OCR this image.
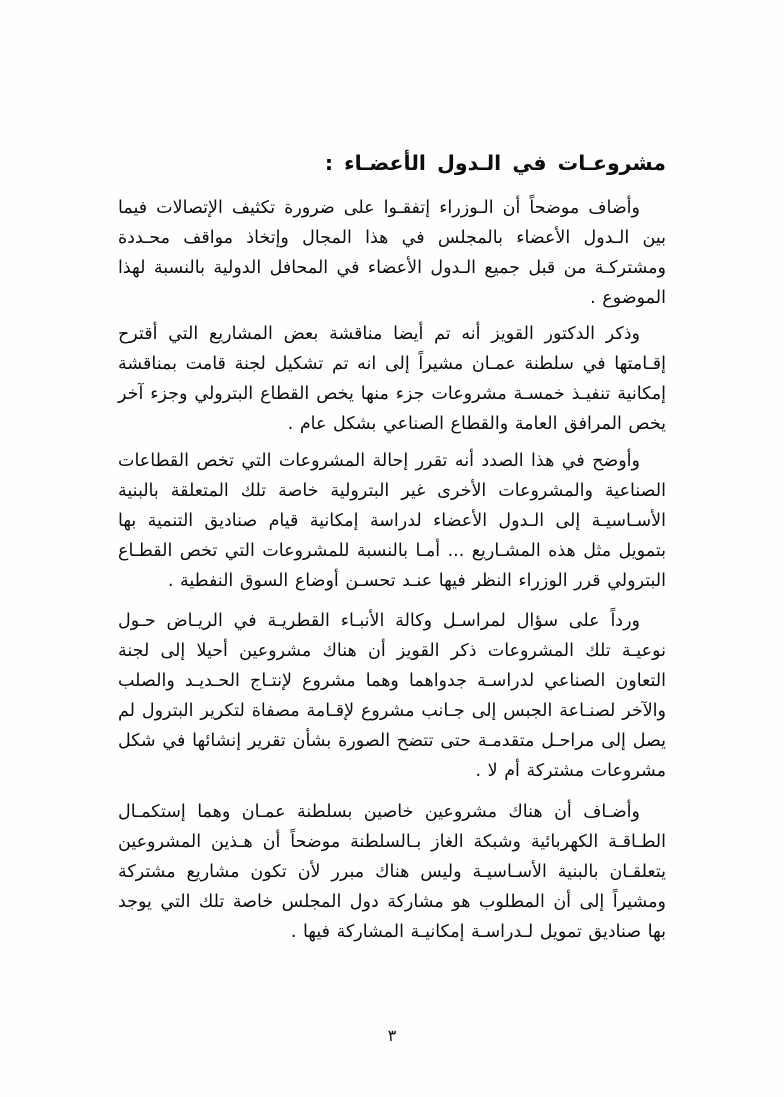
مشروعـات في الـدول الأعضـاء :

وأضاف موضحاً أن الـوزراء إتفقـوا على ضرورة تكثيف الإتصالات فيما بين الـدول الأعضاء بالمجلس في هذا المجال وإتخاذ مواقف محـددة ومشتركـة من قبل جميع الـدول الأعضاء في المحافل الدولية بالنسبة لهذا الموضوع .

وذكر الدكتور القويز أنه تم أيضا مناقشة بعض المشاريع التي أقترح إقـامتها في سلطنة عمـان مشيراً إلى انه تم تشكيل لجنة قامت بمناقشة إمكانية تنفيـذ خمسـة مشروعات جزء منها يخص القطاع البترولي وجزء آخر يخص المرافق العامة والقطاع الصناعي بشكل عام .

وأوضح في هذا الصدد أنه تقرر إحالة المشروعات التي تخص القطاعات الصناعية والمشروعات الأخرى غير البترولية خاصة تلك المتعلقة بالبنية الأسـاسيـة إلى الـدول الأعضاء لدراسة إمكانية قيام صناديق التنمية بها بتمويل مثل هذه المشـاريع ... أمـا بالنسبة للمشروعات التي تخص القطـاع البترولي قرر الوزراء النظر فيها عنـد تحسـن أوضاع السوق النفطية .

ورداً على سؤال لمراسـل وكالة الأنبـاء القطريـة في الريـاض حـول نوعيـة تلك المشروعات ذكر القويز أن هناك مشروعين أحيلا إلى لجنة التعاون الصناعي لدراسـة جدواهما وهما مشروع لإنتـاج الحـديـد والصلب والآخر لصنـاعة الجبس إلى جـانب مشروع لإقـامة مصفاة لتكرير البترول لم يصل إلى مراحـل متقدمـة حتى تتضح الصورة بشأن تقرير إنشائها في شكل مشروعات مشتركة أم لا .

وأضـاف أن هناك مشروعين خاصين بسلطنة عمـان وهما إستكمـال الطـاقـة الكهربائية وشبكة الغاز بـالسلطنة موضحاً أن هـذين المشروعين يتعلقـان بالبنية الأسـاسيـة وليس هناك مبرر لأن تكون مشاريع مشتركة ومشيراً إلى أن المطلوب هو مشاركة دول المجلس خاصة تلك التي يوجد بها صناديق تمويل لـدراسـة إمكانيـة المشاركة فيها .

٣
